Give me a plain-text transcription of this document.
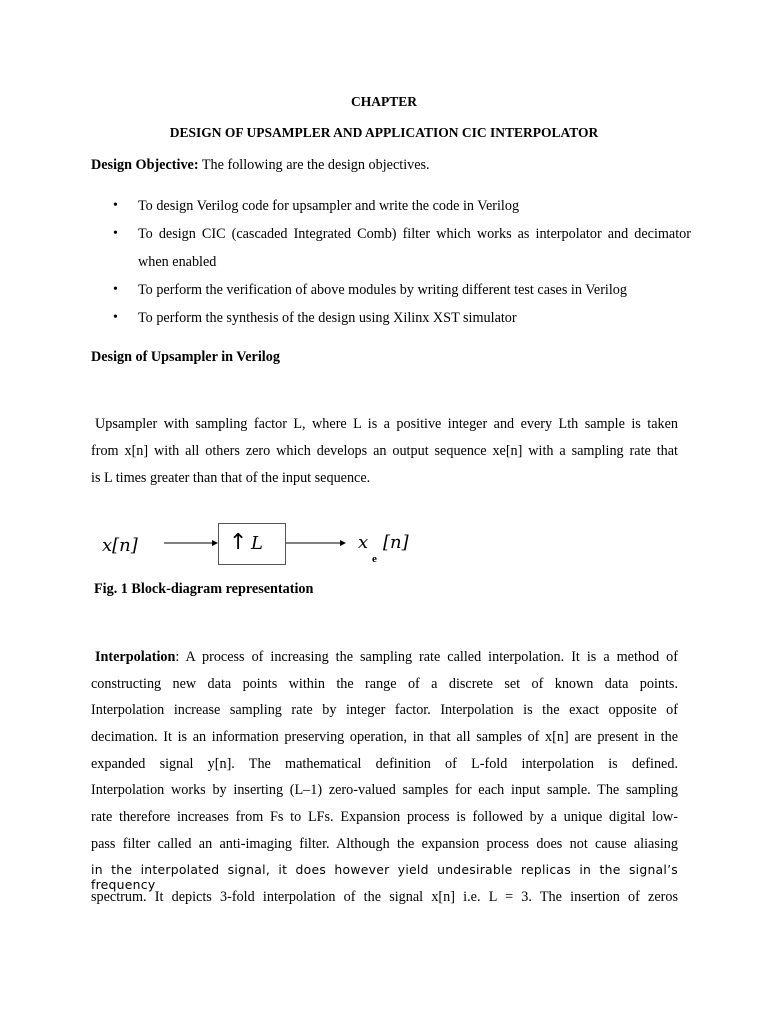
CHAPTER
DESIGN OF UPSAMPLER AND APPLICATION CIC INTERPOLATOR
Design Objective: The following are the design objectives.
• To design Verilog code for upsampler and write the code in Verilog
• To design CIC (cascaded Integrated Comb) filter which works as interpolator and decimator when enabled
• To perform the verification of above modules by writing different test cases in Verilog
• To perform the synthesis of the design using Xilinx XST simulator
Design of Upsampler in Verilog
Upsampler with sampling factor L, where L is a positive integer and every Lth sample is taken
from x[n] with all others zero which develops an output sequence xe[n] with a sampling rate that
is L times greater than that of the input sequence.
x[n]	↑ L	x
e
[n]
Fig. 1 Block-diagram representation
Interpolation: A process of increasing the sampling rate called interpolation. It is a method of
constructing new data points within the range of a discrete set of known data points.
Interpolation increase sampling rate by integer factor. Interpolation is the exact opposite of
decimation. It is an information preserving operation, in that all samples of x[n] are present in the
expanded signal y[n]. The mathematical definition of L-fold interpolation is defined.
Interpolation works by inserting (L–1) zero-valued samples for each input sample. The sampling
rate therefore increases from Fs to LFs. Expansion process is followed by a unique digital low-
pass filter called an anti-imaging filter. Although the expansion process does not cause aliasing
in the interpolated signal, it does however yield undesirable replicas in the signal’s frequency
spectrum. It depicts 3-fold interpolation of the signal x[n] i.e. L = 3. The insertion of zeros
